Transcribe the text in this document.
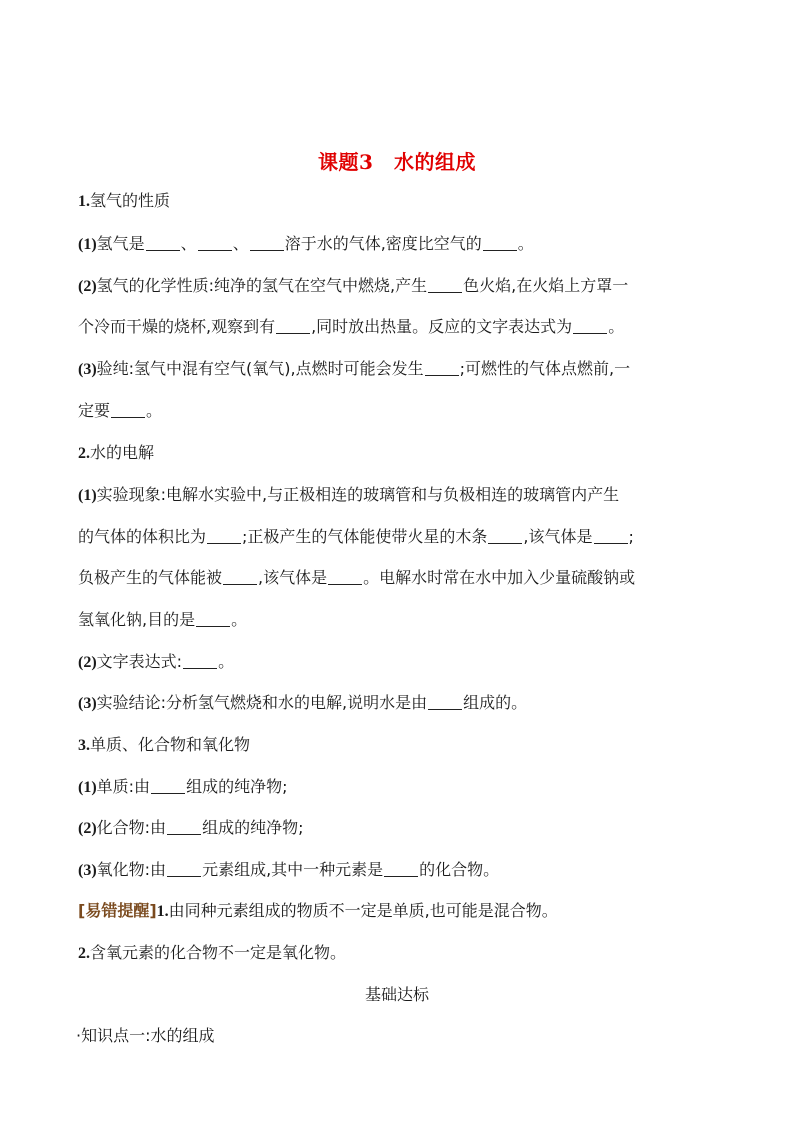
课题3　水的组成
1.氢气的性质
(1)氢气是 、 、 溶于水的气体,密度比空气的 。
(2)氢气的化学性质:纯净的氢气在空气中燃烧,产生 色火焰,在火焰上方罩一
个冷而干燥的烧杯,观察到有 ,同时放出热量。反应的文字表达式为 。
(3)验纯:氢气中混有空气(氧气),点燃时可能会发生 ;可燃性的气体点燃前,一
定要 。
2.水的电解
(1)实验现象:电解水实验中,与正极相连的玻璃管和与负极相连的玻璃管内产生
的气体的体积比为 ;正极产生的气体能使带火星的木条 ,该气体是 ;
负极产生的气体能被 ,该气体是 。电解水时常在水中加入少量硫酸钠或
氢氧化钠,目的是 。
(2)文字表达式: 。
(3)实验结论:分析氢气燃烧和水的电解,说明水是由 组成的。
3.单质、化合物和氧化物
(1)单质:由 组成的纯净物;
(2)化合物:由 组成的纯净物;
(3)氧化物:由 元素组成,其中一种元素是 的化合物。
[易错提醒]1.由同种元素组成的物质不一定是单质,也可能是混合物。
2.含氧元素的化合物不一定是氧化物。
基础达标
·知识点一:水的组成
